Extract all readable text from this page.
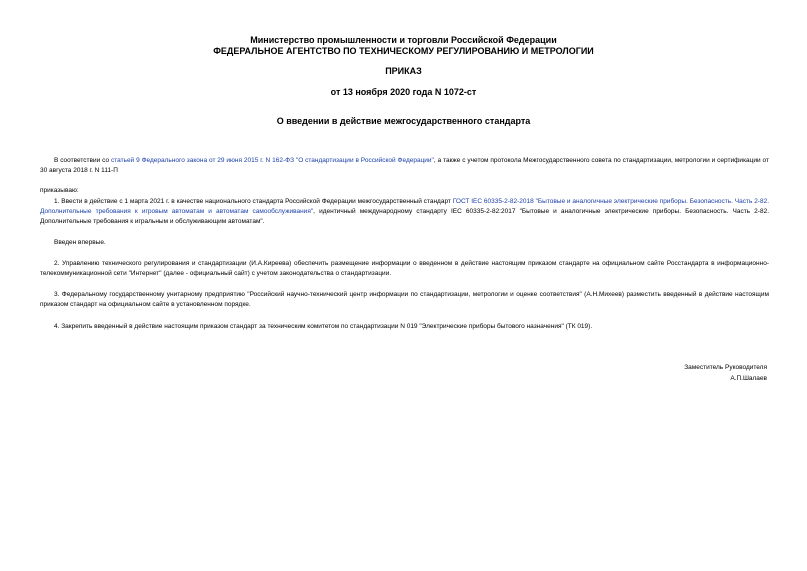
Министерство промышленности и торговли Российской Федерации
ФЕДЕРАЛЬНОЕ АГЕНТСТВО ПО ТЕХНИЧЕСКОМУ РЕГУЛИРОВАНИЮ И МЕТРОЛОГИИ
ПРИКАЗ
от 13 ноября 2020 года N 1072-ст
О введении в действие межгосударственного стандарта
В соответствии со статьей 9 Федерального закона от 29 июня 2015 г. N 162-ФЗ "О стандартизации в Российской Федерации", а также с учетом протокола Межгосударственного совета по стандартизации, метрологии и сертификации от 30 августа 2018 г. N 111-П
приказываю:
1. Ввести в действие с 1 марта 2021 г. в качестве национального стандарта Российской Федерации межгосударственный стандарт ГОСТ IEC 60335-2-82-2018 "Бытовые и аналогичные электрические приборы. Безопасность. Часть 2-82. Дополнительные требования к игровым автоматам и автоматам самообслуживания", идентичный международному стандарту IEC 60335-2-82:2017 "Бытовые и аналогичные электрические приборы. Безопасность. Часть 2-82. Дополнительные требования к игральным и обслуживающим автоматам".
Введен впервые.
2. Управлению технического регулирования и стандартизации (И.А.Киреева) обеспечить размещение информации о введенном в действие настоящим приказом стандарте на официальном сайте Росстандарта в информационно-телекоммуникационной сети "Интернет" (далее - официальный сайт) с учетом законодательства о стандартизации.
3. Федеральному государственному унитарному предприятию "Российский научно-технический центр информации по стандартизации, метрологии и оценке соответствия" (А.Н.Михеев) разместить введенный в действие настоящим приказом стандарт на официальном сайте в установленном порядке.
4. Закрепить введенный в действие настоящим приказом стандарт за техническим комитетом по стандартизации N 019 "Электрические приборы бытового назначения" (ТК 019).
Заместитель Руководителя
А.П.Шалаев
